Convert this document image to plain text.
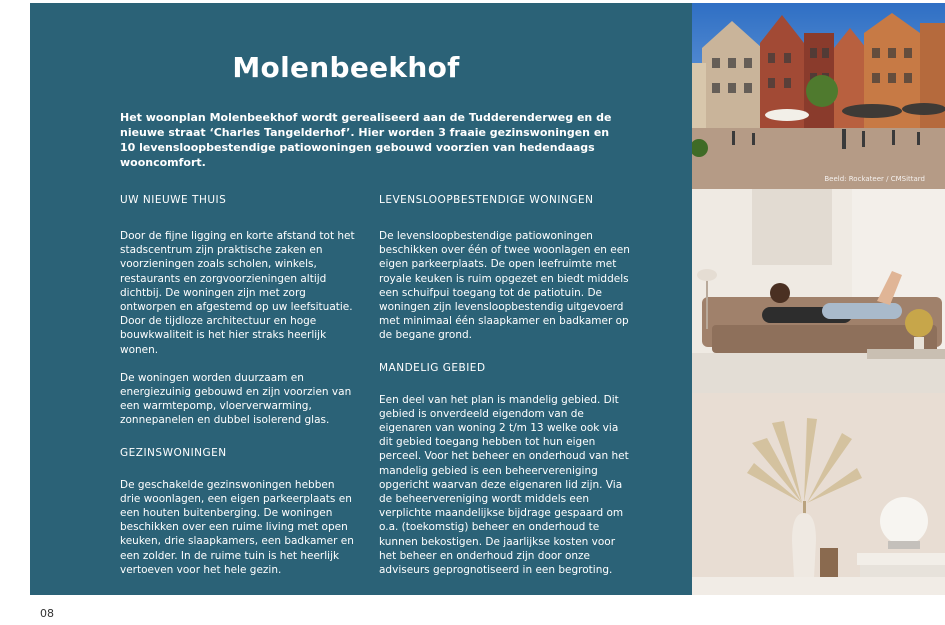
Molenbeekhof

Het woonplan Molenbeekhof wordt gerealiseerd aan de Tudderenderweg en de nieuwe straat ‘Charles Tangelderhof’. Hier worden 3 fraaie gezinswoningen en 10 levensloopbestendige patiowoningen gebouwd voorzien van hedendaags wooncomfort.

UW NIEUWE THUIS

Door de fijne ligging en korte afstand tot het stadscentrum zijn praktische zaken en voorzieningen zoals scholen, winkels, restaurants en zorgvoorzieningen altijd dichtbij. De woningen zijn met zorg ontworpen en afgestemd op uw leefsituatie. Door de tijdloze architectuur en hoge bouwkwaliteit is het hier straks heerlijk wonen.

De woningen worden duurzaam en energiezuinig gebouwd en zijn voorzien van een warmtepomp, vloerverwarming, zonnepanelen en dubbel isolerend glas.

GEZINSWONINGEN

De geschakelde gezinswoningen hebben drie woonlagen, een eigen parkeerplaats en een houten buitenberging. De woningen beschikken over een ruime living met open keuken, drie slaapkamers, een badkamer en een zolder. In de ruime tuin is het heerlijk vertoeven voor het hele gezin.

LEVENSLOOPBESTENDIGE WONINGEN

De levensloopbestendige patiowoningen beschikken over één of twee woonlagen en een eigen parkeerplaats. De open leefruimte met royale keuken is ruim opgezet en biedt middels een schuifpui toegang tot de patiotuin. De woningen zijn levensloopbestendig uitgevoerd met minimaal één slaapkamer en badkamer op de begane grond.

MANDELIG GEBIED

Een deel van het plan is mandelig gebied. Dit gebied is onverdeeld eigendom van de eigenaren van woning 2 t/m 13 welke ook via dit gebied toegang hebben tot hun eigen perceel. Voor het beheer en onderhoud van het mandelig gebied is een beheervereniging opgericht waarvan deze eigenaren lid zijn. Via de beheervereniging wordt middels een verplichte maandelijkse bijdrage gespaard om o.a. (toekomstig) beheer en onderhoud te kunnen bekostigen. De jaarlijkse kosten voor het beheer en onderhoud zijn door onze adviseurs geprognotiseerd in een begroting.

Beeld: Rockateer / CMSittard
08
